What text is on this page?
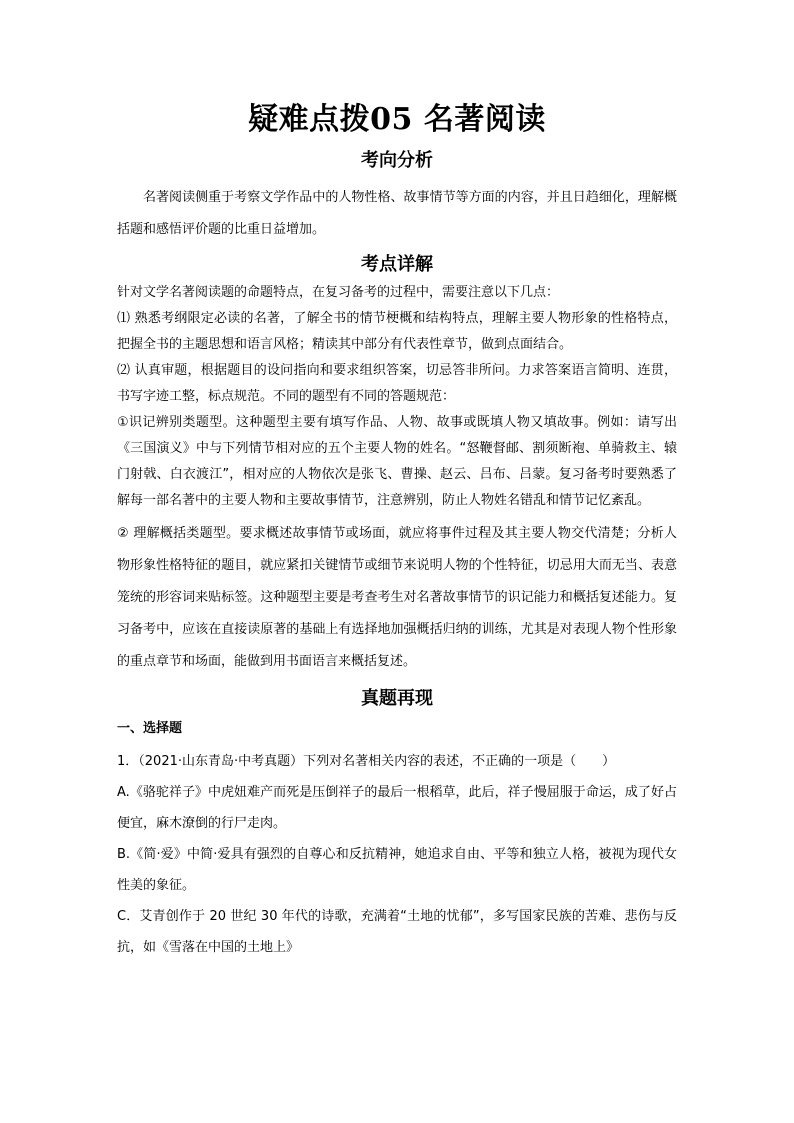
疑难点拨05 名著阅读
考向分析

名著阅读侧重于考察文学作品中的人物性格、故事情节等方面的内容，并且日趋细化，理解概括题和感悟评价题的比重日益增加。

考点详解

针对文学名著阅读题的命题特点，在复习备考的过程中，需要注意以下几点：

⑴ 熟悉考纲限定必读的名著，了解全书的情节梗概和结构特点，理解主要人物形象的性格特点，把握全书的主题思想和语言风格；精读其中部分有代表性章节，做到点面结合。

⑵ 认真审题，根据题目的设问指向和要求组织答案，切忌答非所问。力求答案语言简明、连贯，书写字迹工整，标点规范。不同的题型有不同的答题规范：

①识记辨别类题型。这种题型主要有填写作品、人物、故事或既填人物又填故事。例如：请写出《三国演义》中与下列情节相对应的五个主要人物的姓名。“怒鞭督邮、割须断袍、单骑救主、辕门射戟、白衣渡江”，相对应的人物依次是张飞、曹操、赵云、吕布、吕蒙。复习备考时要熟悉了解每一部名著中的主要人物和主要故事情节，注意辨别，防止人物姓名错乱和情节记忆紊乱。

② 理解概括类题型。要求概述故事情节或场面，就应将事件过程及其主要人物交代清楚；分析人物形象性格特征的题目，就应紧扣关键情节或细节来说明人物的个性特征，切忌用大而无当、表意笼统的形容词来贴标签。这种题型主要是考查考生对名著故事情节的识记能力和概括复述能力。复习备考中，应该在直接读原著的基础上有选择地加强概括归纳的训练，尤其是对表现人物个性形象的重点章节和场面，能做到用书面语言来概括复述。

真题再现

一、选择题

1．（2021·山东青岛·中考真题）下列对名著相关内容的表述，不正确的一项是（　　）

A.《骆驼祥子》中虎妞难产而死是压倒祥子的最后一根稻草，此后，祥子慢屈服于命运，成了好占便宜，麻木潦倒的行尸走肉。

B.《简·爱》中简·爱具有强烈的自尊心和反抗精神，她追求自由、平等和独立人格，被视为现代女性美的象征。

C．艾青创作于 20 世纪 30 年代的诗歌，充满着“土地的忧郁”，多写国家民族的苦难、悲伤与反抗，如《雪落在中国的土地上》
